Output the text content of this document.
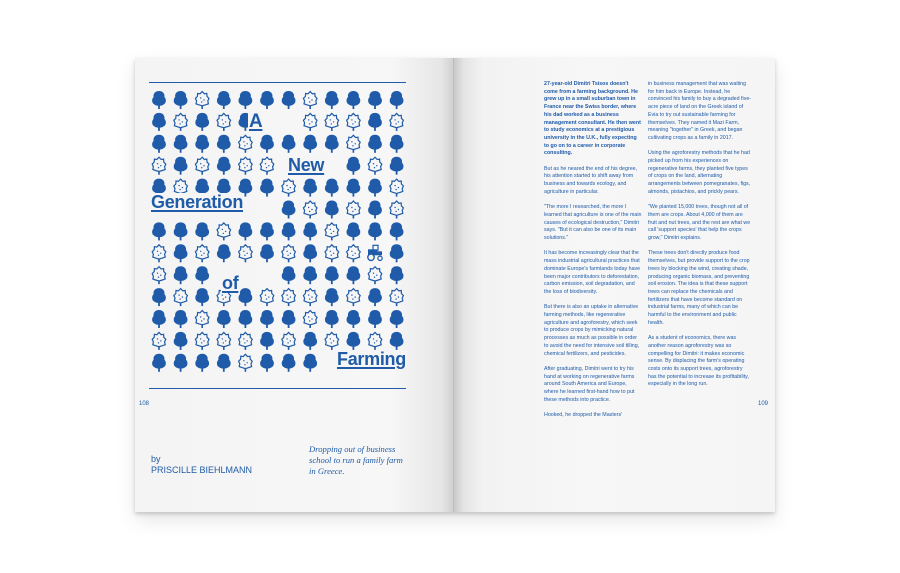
A
New
Generation
of
Farming
108
by
PRISCILLE BIEHLMANN
Dropping out of business school to run a family farm in Greece.

27-year-old Dimitri Tsisos doesn't come from a farming background. He grew up in a small suburban town in France near the Swiss border, where his dad worked as a business management consultant. He then went to study economics at a prestigious university in the U.K., fully expecting to go on to a career in corporate consulting.

But as he neared the end of his degree, his attention started to shift away from business and towards ecology, and agriculture in particular.

"The more I researched, the more I learned that agriculture is one of the main causes of ecological destruction," Dimitri says. "But it can also be one of its main solutions."

It has become increasingly clear that the mass industrial agricultural practices that dominate Europe's farmlands today have been major contributors to deforestation, carbon emission, soil degradation, and the loss of biodiversity.

But there is also an uptake in alternative farming methods, like regenerative agriculture and agroforestry, which seek to produce crops by mimicking natural processes as much as possible in order to avoid the need for intensive soil tilling, chemical fertilizers, and pesticides.

After graduating, Dimitri went to try his hand at working on regenerative farms around South America and Europe, where he learned first-hand how to put these methods into practice.

Hooked, he dropped the Masters'

in business management that was waiting for him back in Europe. Instead, he convinced his family to buy a degraded five-acre piece of land on the Greek island of Evia to try out sustainable farming for themselves. They named it Mazi Farm, meaning "together" in Greek, and began cultivating crops as a family in 2017.

Using the agroforestry methods that he had picked up from his experiences on regenerative farms, they planted five types of crops on the land, alternating arrangements between pomegranates, figs, almonds, pistachios, and prickly pears.

"We planted 15,000 trees, though not all of them are crops. About 4,000 of them are fruit and nut trees, and the rest are what we call 'support species' that help the crops grow," Dimitri explains.

These trees don't directly produce food themselves, but provide support to the crop trees by blocking the wind, creating shade, producing organic biomass, and preventing soil erosion. The idea is that these support trees can replace the chemicals and fertilizers that have become standard on industrial farms, many of which can be harmful to the environment and public health.

As a student of economics, there was another reason agroforestry was so compelling for Dimitri: it makes economic sense. By displacing the farm's operating costs onto its support trees, agroforestry has the potential to increase its profitability, especially in the long run.

109
